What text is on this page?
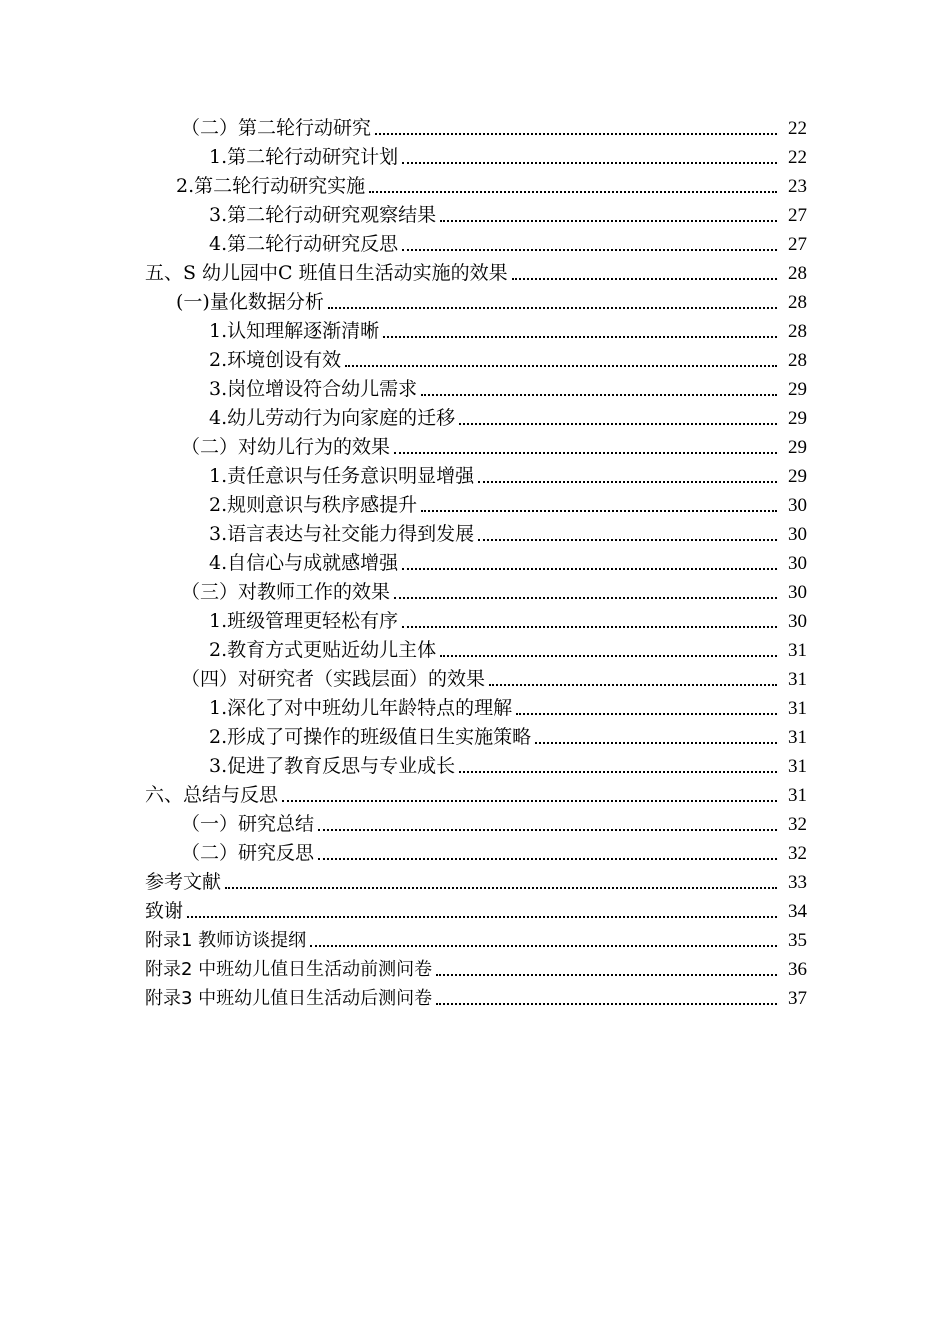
（二）第二轮行动研究	22
1.第二轮行动研究计划	22
2.第二轮行动研究实施	23
3.第二轮行动研究观察结果	27
4.第二轮行动研究反思	27
五、S 幼儿园中C 班值日生活动实施的效果	28
(一)量化数据分析	28
1.认知理解逐渐清晰	28
2.环境创设有效	28
3.岗位增设符合幼儿需求	29
4.幼儿劳动行为向家庭的迁移	29
（二）对幼儿行为的效果	29
1.责任意识与任务意识明显增强	29
2.规则意识与秩序感提升	30
3.语言表达与社交能力得到发展	30
4.自信心与成就感增强	30
（三）对教师工作的效果	30
1.班级管理更轻松有序	30
2.教育方式更贴近幼儿主体	31
（四）对研究者（实践层面）的效果	31
1.深化了对中班幼儿年龄特点的理解	31
2.形成了可操作的班级值日生实施策略	31
3.促进了教育反思与专业成长	31
六、总结与反思	31
（一）研究总结	32
（二）研究反思	32
参考文献	33
致谢	34
附录1 教师访谈提纲	35
附录2 中班幼儿值日生活动前测问卷	36
附录3 中班幼儿值日生活动后测问卷	37
